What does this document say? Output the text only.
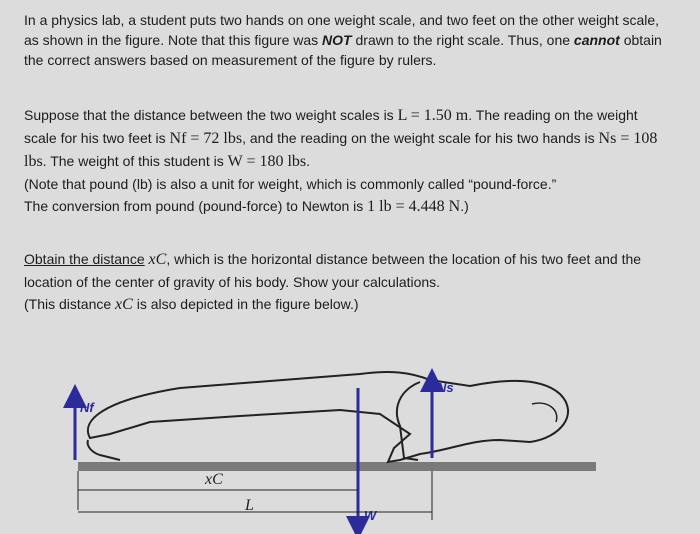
In a physics lab, a student puts two hands on one weight scale, and two feet on the other weight scale, as shown in the figure. Note that this figure was NOT drawn to the right scale. Thus, one cannot obtain the correct answers based on measurement of the figure by rulers.

Suppose that the distance between the two weight scales is L = 1.50 m. The reading on the weight scale for his two feet is Nf = 72 lbs, and the reading on the weight scale for his two hands is Ns = 108 lbs. The weight of this student is W = 180 lbs.
(Note that pound (lb) is also a unit for weight, which is commonly called “pound-force.”
The conversion from pound (pound-force) to Newton is 1 lb = 4.448 N.)

Obtain the distance xC, which is the horizontal distance between the location of his two feet and the location of the center of gravity of his body. Show your calculations.
(This distance xC is also depicted in the figure below.)

Nf
Ns
W
xC
L
